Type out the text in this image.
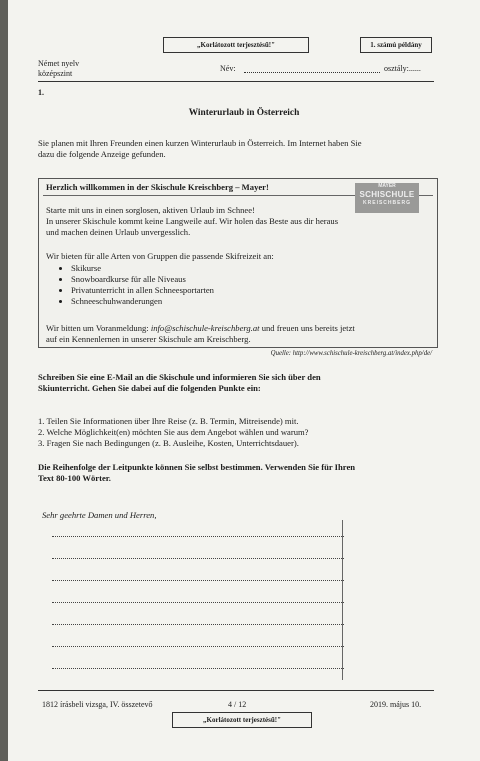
„Korlátozott terjesztésű!"	1. számú példány
Német nyelv
középszint
Név:	osztály:......
1.
Winterurlaub in Österreich
Sie planen mit Ihren Freunden einen kurzen Winterurlaub in Österreich. Im Internet haben Sie
dazu die folgende Anzeige gefunden.
Herzlich willkommen in der Skischule Kreischberg – Mayer!	MAYER
SCHISCHULE
KREISCHBERG
Starte mit uns in einen sorglosen, aktiven Urlaub im Schnee!
In unserer Skischule kommt keine Langweile auf. Wir holen das Beste aus dir heraus
und machen deinen Urlaub unvergesslich.
Wir bieten für alle Arten von Gruppen die passende Skifreizeit an:
• Skikurse
• Snowboardkurse für alle Niveaus
• Privatunterricht in allen Schneesportarten
• Schneeschuhwanderungen
Wir bitten um Voranmeldung: info@schischule-kreischberg.at und freuen uns bereits jetzt
auf ein Kennenlernen in unserer Skischule am Kreischberg.
Quelle: http://www.schischule-kreischberg.at/index.php/de/
Schreiben Sie eine E-Mail an die Skischule und informieren Sie sich über den
Skiunterricht. Gehen Sie dabei auf die folgenden Punkte ein:
1. Teilen Sie Informationen über Ihre Reise (z. B. Termin, Mitreisende) mit.
2. Welche Möglichkeit(en) möchten Sie aus dem Angebot wählen und warum?
3. Fragen Sie nach Bedingungen (z. B. Ausleihe, Kosten, Unterrichtsdauer).
Die Reihenfolge der Leitpunkte können Sie selbst bestimmen. Verwenden Sie für Ihren
Text 80-100 Wörter.
Sehr geehrte Damen und Herren,
1812 írásbeli vizsga, IV. összetevő	4 / 12	2019. május 10.
„Korlátozott terjesztésű!"
